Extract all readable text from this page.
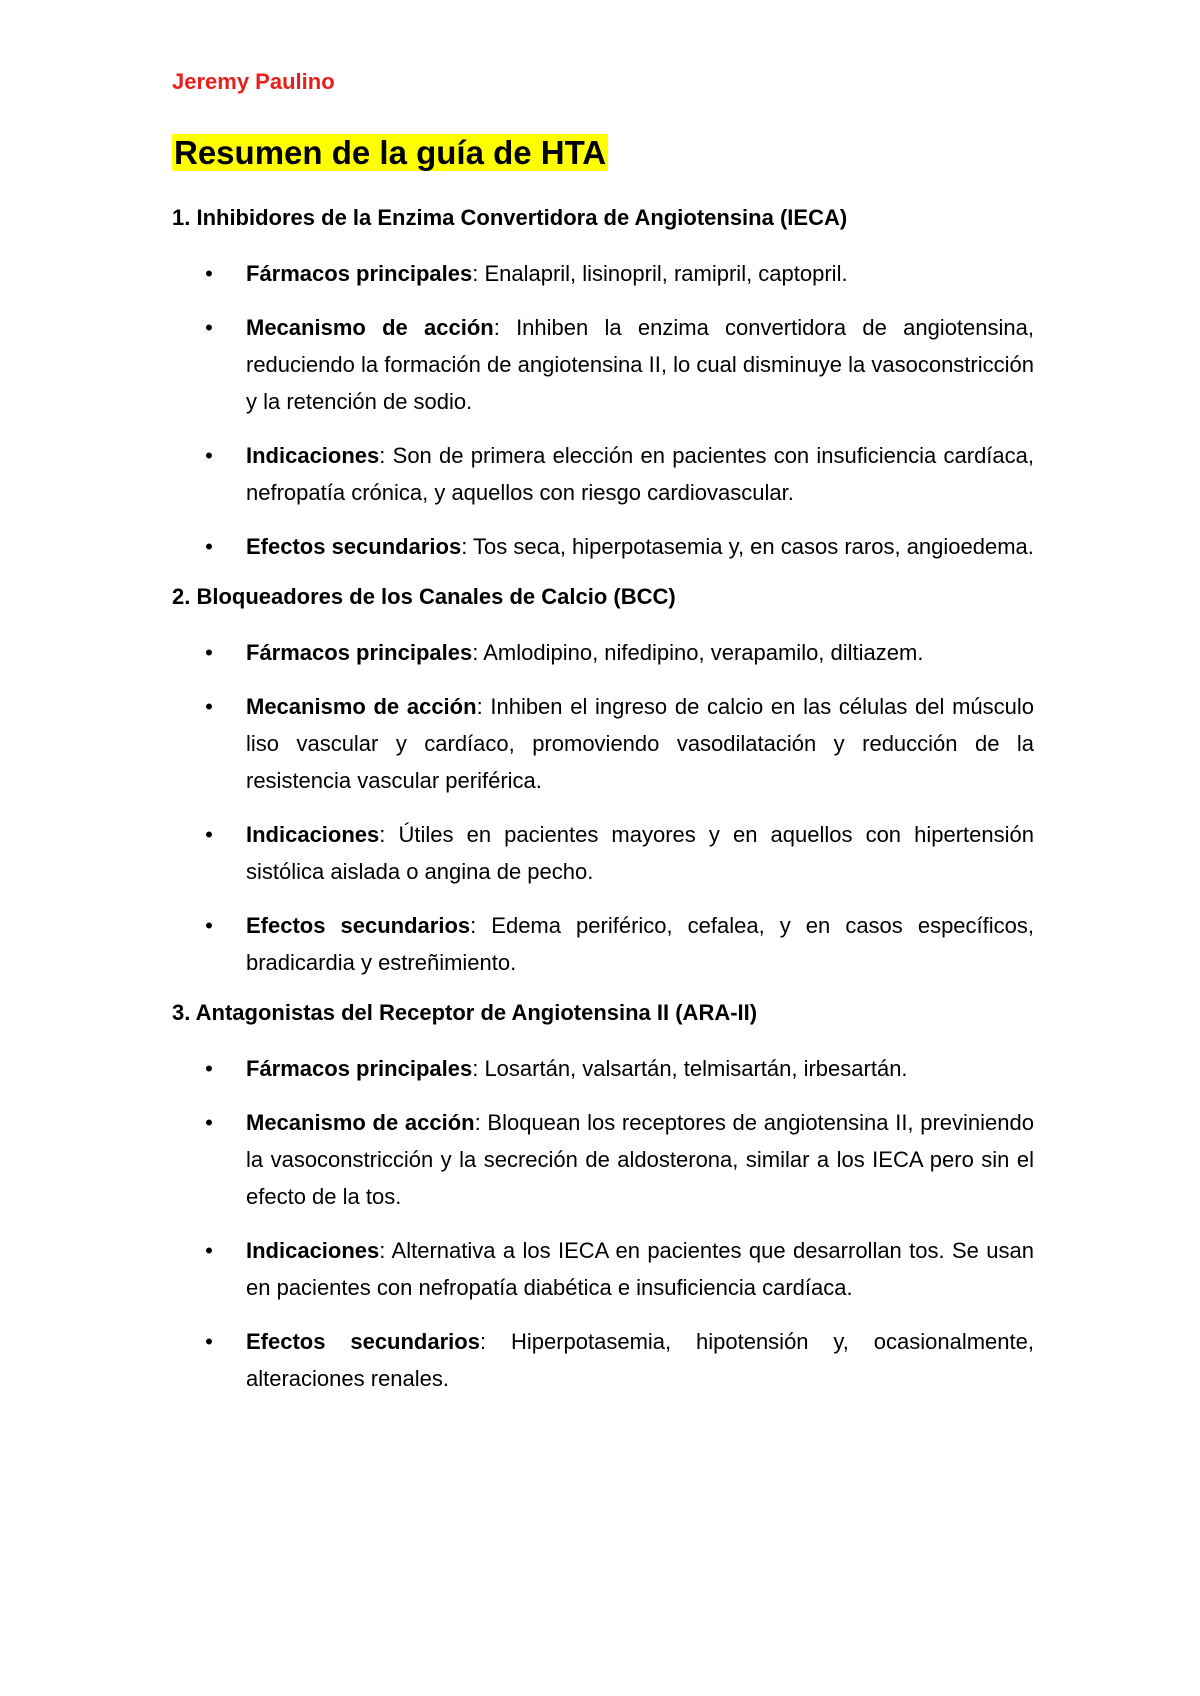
Jeremy Paulino
Resumen de la guía de HTA
1. Inhibidores de la Enzima Convertidora de Angiotensina (IECA)
• Fármacos principales: Enalapril, lisinopril, ramipril, captopril.
• Mecanismo de acción: Inhiben la enzima convertidora de angiotensina, reduciendo la formación de angiotensina II, lo cual disminuye la vasoconstricción y la retención de sodio.
• Indicaciones: Son de primera elección en pacientes con insuficiencia cardíaca, nefropatía crónica, y aquellos con riesgo cardiovascular.
• Efectos secundarios: Tos seca, hiperpotasemia y, en casos raros, angioedema.
2. Bloqueadores de los Canales de Calcio (BCC)
• Fármacos principales: Amlodipino, nifedipino, verapamilo, diltiazem.
• Mecanismo de acción: Inhiben el ingreso de calcio en las células del músculo liso vascular y cardíaco, promoviendo vasodilatación y reducción de la resistencia vascular periférica.
• Indicaciones: Útiles en pacientes mayores y en aquellos con hipertensión sistólica aislada o angina de pecho.
• Efectos secundarios: Edema periférico, cefalea, y en casos específicos, bradicardia y estreñimiento.
3. Antagonistas del Receptor de Angiotensina II (ARA-II)
• Fármacos principales: Losartán, valsartán, telmisartán, irbesartán.
• Mecanismo de acción: Bloquean los receptores de angiotensina II, previniendo la vasoconstricción y la secreción de aldosterona, similar a los IECA pero sin el efecto de la tos.
• Indicaciones: Alternativa a los IECA en pacientes que desarrollan tos. Se usan en pacientes con nefropatía diabética e insuficiencia cardíaca.
• Efectos secundarios: Hiperpotasemia, hipotensión y, ocasionalmente, alteraciones renales.
